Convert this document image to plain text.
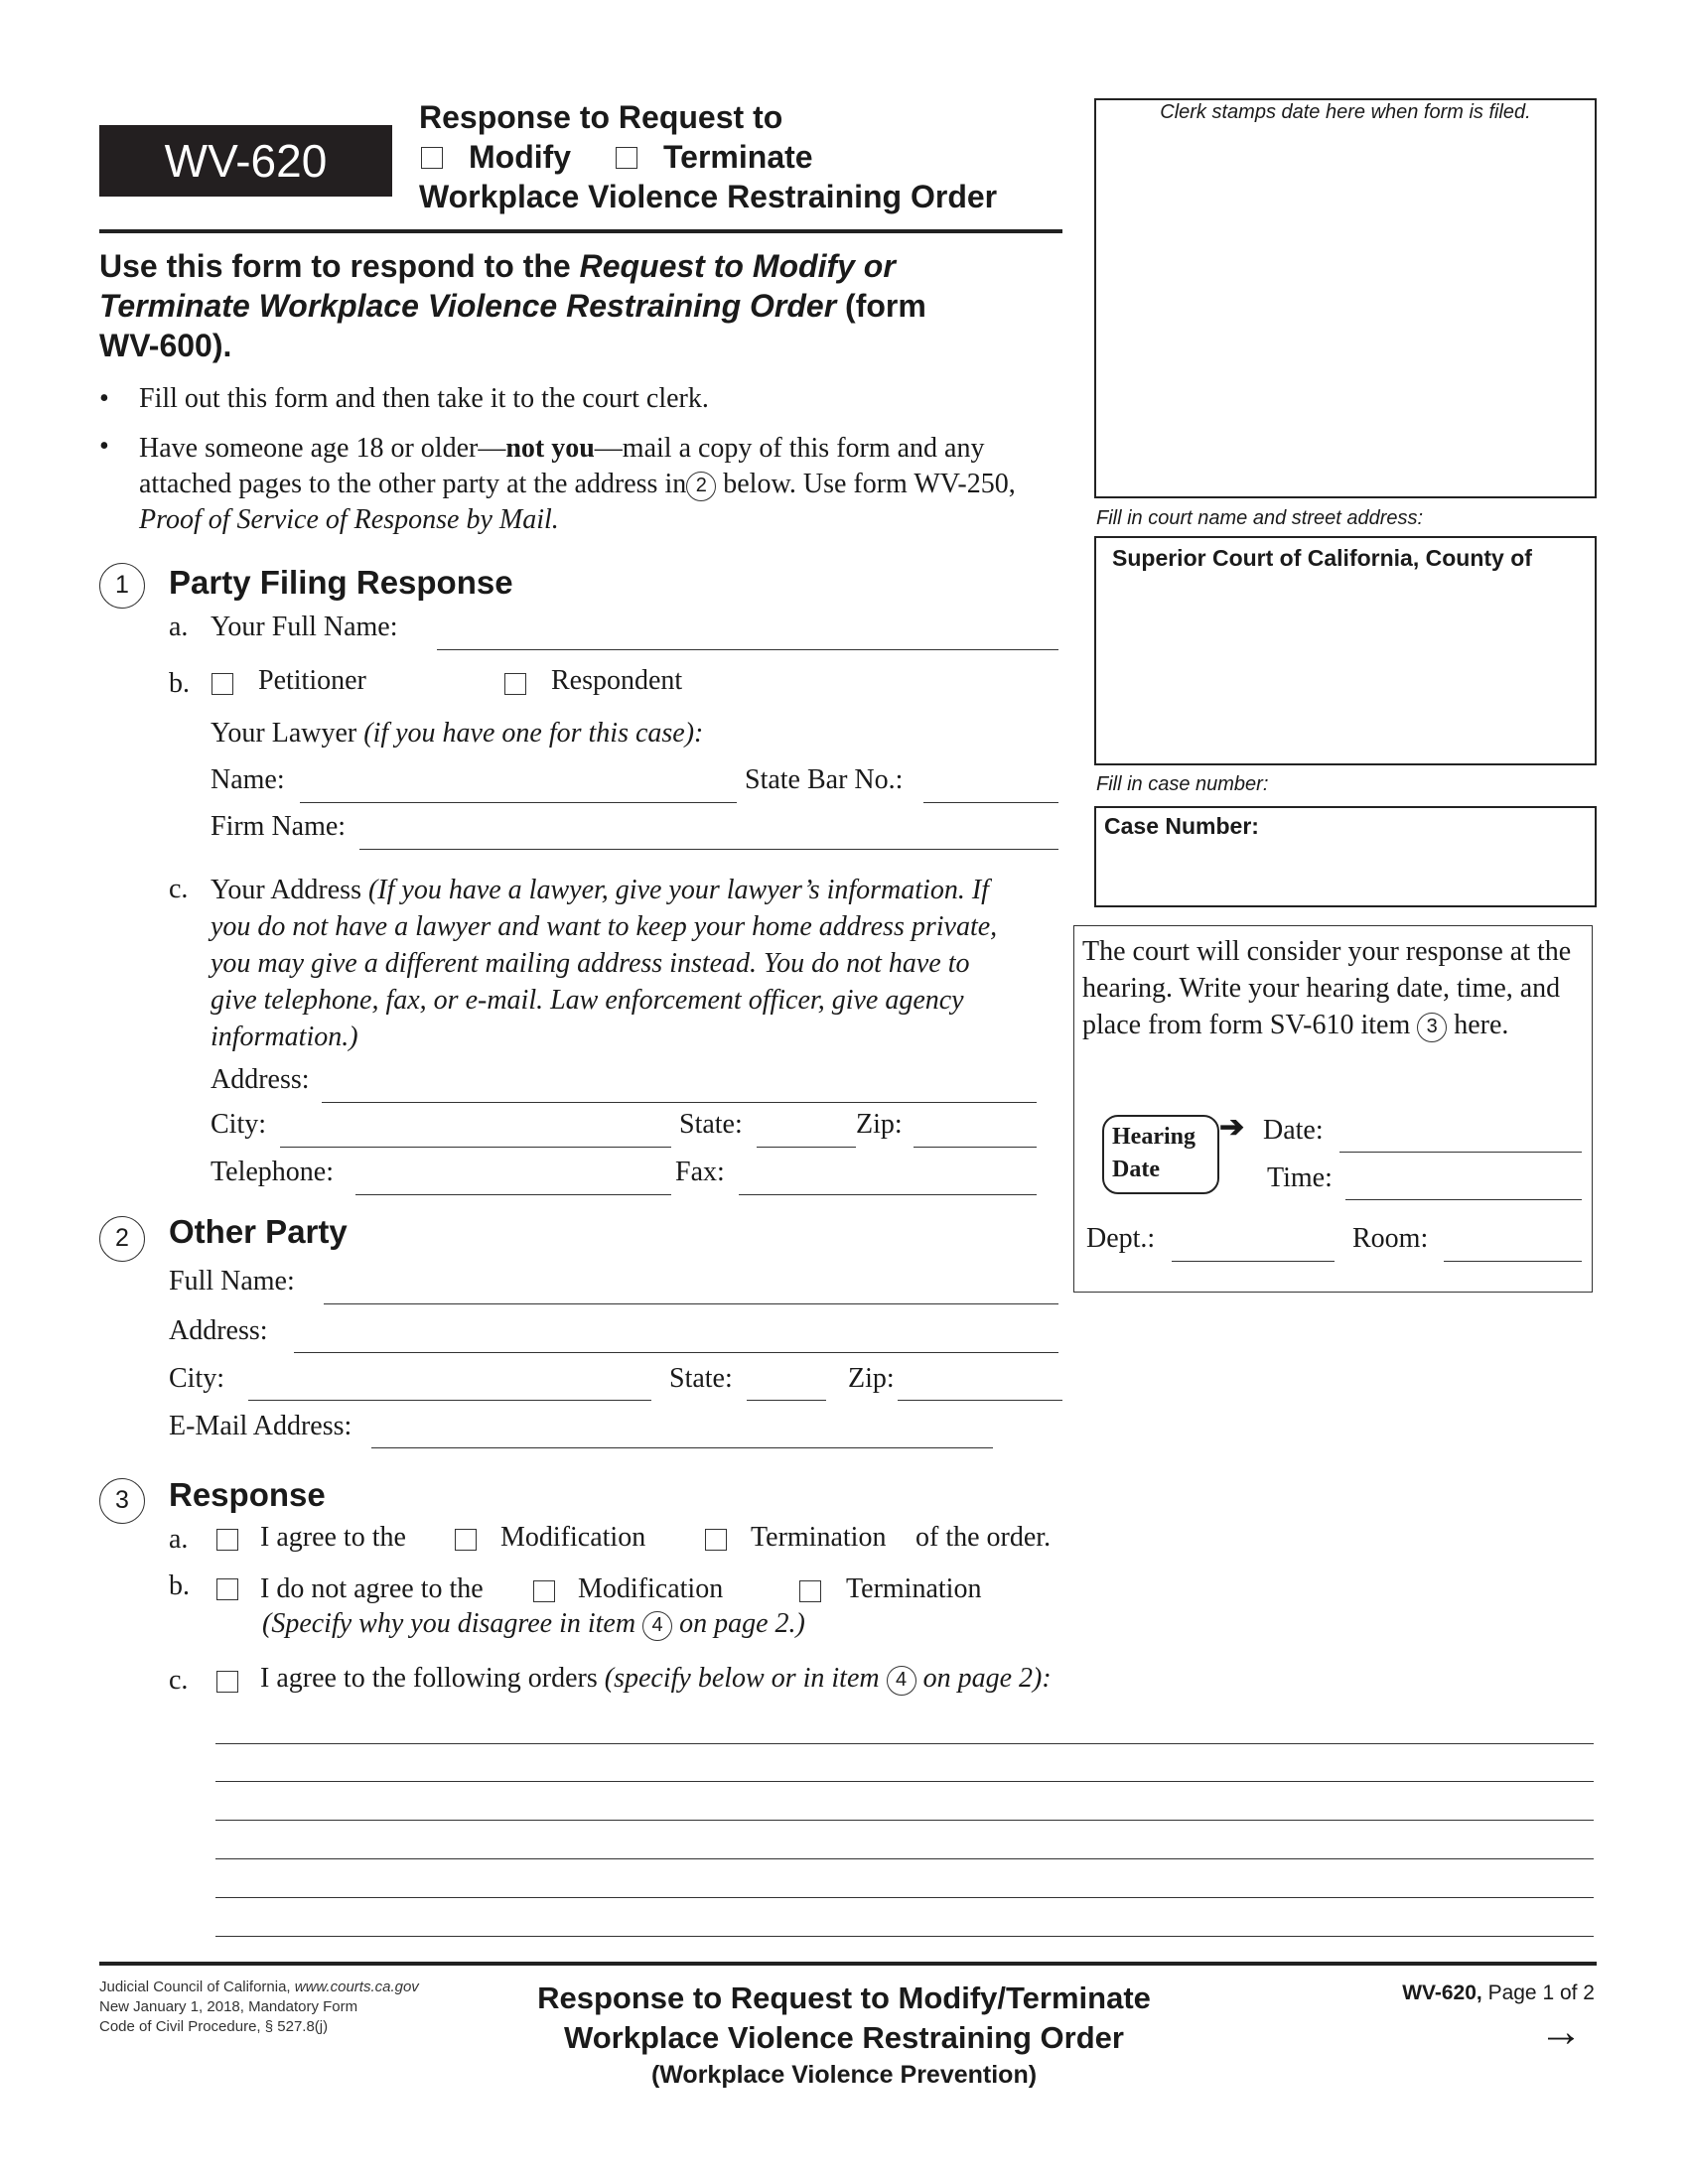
WV-620
Response to Request to
Modify	Terminate
Workplace Violence Restraining Order
Clerk stamps date here when form is filed.
Fill in court name and street address:
Superior Court of California, County of
Fill in case number:
Case Number:
Use this form to respond to the Request to Modify or Terminate Workplace Violence Restraining Order (form WV-600).
• Fill out this form and then take it to the court clerk.
• Have someone age 18 or older—not you—mail a copy of this form and any attached pages to the other party at the address in 2 below. Use form WV-250, Proof of Service of Response by Mail.
1	Party Filing Response
a. Your Full Name:
b. Petitioner	Respondent
Your Lawyer (if you have one for this case):
Name:	State Bar No.:
Firm Name:
c. Your Address (If you have a lawyer, give your lawyer’s information. If you do not have a lawyer and want to keep your home address private, you may give a different mailing address instead. You do not have to give telephone, fax, or e-mail. Law enforcement officer, give agency information.)
Address:
City:	State:	Zip:
Telephone:	Fax:
The court will consider your response at the hearing. Write your hearing date, time, and place from form SV-610 item 3 here.
Hearing
Date
➔ Date:
Time:
Dept.:	Room:
2	Other Party
Full Name:
Address:
City:	State:	Zip:
E-Mail Address:
3	Response
a.	I agree to the	Modification	Termination of the order.
b.	I do not agree to the	Modification	Termination
(Specify why you disagree in item 4 on page 2.)
c.	I agree to the following orders (specify below or in item 4 on page 2):
Judicial Council of California, www.courts.ca.gov
New January 1, 2018, Mandatory Form
Code of Civil Procedure, § 527.8(j)
Response to Request to Modify/Terminate
Workplace Violence Restraining Order
(Workplace Violence Prevention)
WV-620, Page 1 of 2
→
